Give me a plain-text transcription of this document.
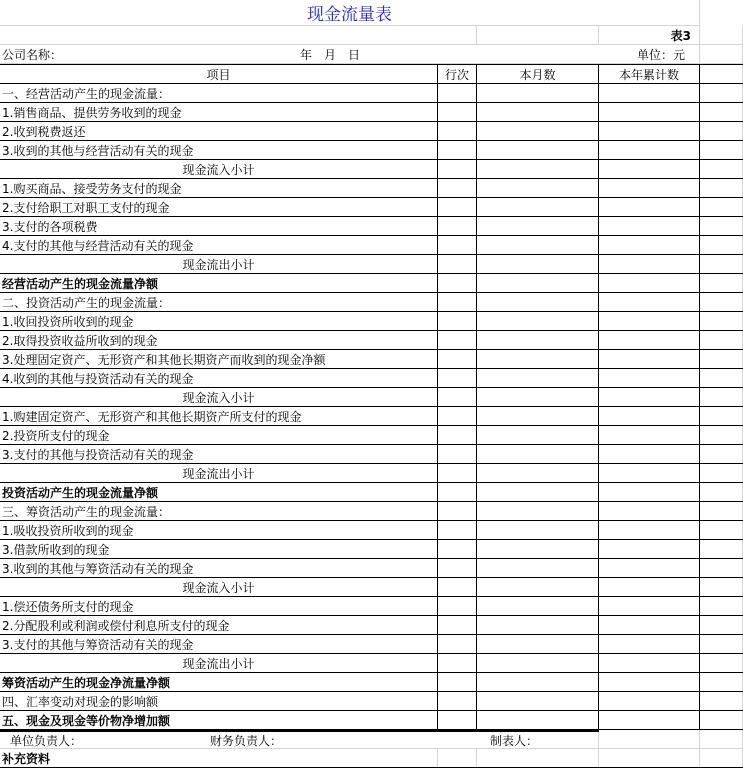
现金流量表
表3
公司名称：	年　月　日	单位：元
项目	行次	本月数	本年累计数
一、经营活动产生的现金流量：
1.销售商品、提供劳务收到的现金
2.收到税费返还
3.收到的其他与经营活动有关的现金
现金流入小计
1.购买商品、接受劳务支付的现金
2.支付给职工对职工支付的现金
3.支付的各项税费
4.支付的其他与经营活动有关的现金
现金流出小计
经营活动产生的现金流量净额
二、投资活动产生的现金流量：
1.收回投资所收到的现金
2.取得投资收益所收到的现金
3.处理固定资产、无形资产和其他长期资产而收到的现金净额
4.收到的其他与投资活动有关的现金
现金流入小计
1.购建固定资产、无形资产和其他长期资产所支付的现金
2.投资所支付的现金
3.支付的其他与投资活动有关的现金
现金流出小计
投资活动产生的现金流量净额
三、筹资活动产生的现金流量：
1.吸收投资所收到的现金
3.借款所收到的现金
3.收到的其他与筹资活动有关的现金
现金流入小计
1.偿还债务所支付的现金
2.分配股利或利润或偿付利息所支付的现金
3.支付的其他与筹资活动有关的现金
现金流出小计
筹资活动产生的现金净流量净额
四、汇率变动对现金的影响额
五、现金及现金等价物净增加额
单位负责人：	财务负责人：	制表人：
补充资料
